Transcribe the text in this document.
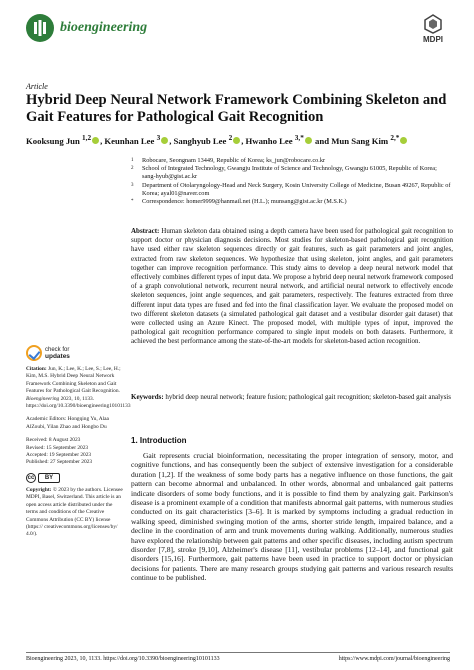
bioengineering
MDPI
Article
Hybrid Deep Neural Network Framework Combining Skeleton and Gait Features for Pathological Gait Recognition
Kooksung Jun $^{1,2}$ , Keunhan Lee $^3$ , Sanghyub Lee $^2$ , Hwanho Lee $^{3,*}$ and Mun Sang Kim $^{2,*}$
1 Robocare, Seongnam 13449, Republic of Korea; ks_jun@robocare.co.kr
2 School of Integrated Technology, Gwangju Institute of Science and Technology, Gwangju 61005, Republic of Korea; sang-hyub@gist.ac.kr
3 Department of Otolaryngology-Head and Neck Surgery, Kosin University College of Medicine, Busan 49267, Republic of Korea; ayal01@naver.com
* Correspondence: homer9999@hanmail.net (H.L.); munsang@gist.ac.kr (M.S.K.)
Abstract: Human skeleton data obtained using a depth camera have been used for pathological gait recognition to support doctor or physician diagnosis decisions. Most studies for skeleton-based pathological gait recognition have used either raw skeleton sequences directly or gait features, such as gait parameters and joint angles, extracted from raw skeleton sequences. We hypothesize that using skeleton, joint angles, and gait parameters together can improve recognition performance. This study aims to develop a deep neural network model that effectively combines different types of input data. We propose a hybrid deep neural network framework composed of a graph convolutional network, recurrent neural network, and artificial neural network to effectively encode skeleton sequences, joint angle sequences, and gait parameters, respectively. The features extracted from three different input data types are fused and fed into the final classification layer. We evaluate the proposed model on two different skeleton datasets (a simulated pathological gait dataset and a vestibular disorder gait dataset) that were collected using an Azure Kinect. The proposed model, with multiple types of input, improved the pathological gait recognition performance compared to single input models on both datasets. Furthermore, it achieved the best performance among the state-of-the-art models for skeleton-based action recognition.
Keywords: hybrid deep neural network; feature fusion; pathological gait recognition; skeleton-based gait analysis
check for
updates
Citation: Jun, K.; Lee, K.; Lee, S.; Lee, H.; Kim, M.S. Hybrid Deep Neural Network Framework Combining Skeleton and Gait Features for Pathological Gait Recognition. Bioengineering 2023, 10, 1133. https://doi.org/10.3390/bioengineering10101133
Academic Editors: Hongqing Yu, Alaa AlZoubi, Yilan Zhao and Hongbo Du
Received: 8 August 2023
Revised: 15 September 2023
Accepted: 19 September 2023
Published: 27 September 2023
cc	BY
Copyright: © 2023 by the authors. Licensee MDPI, Basel, Switzerland. This article is an open access article distributed under the terms and conditions of the Creative Commons Attribution (CC BY) license (https:// creativecommons.org/licenses/by/ 4.0/).
1. Introduction
Gait represents crucial bioinformation, necessitating the proper integration of sensory, motor, and cognitive functions, and has consequently been the subject of extensive investigation for a considerable duration [1,2]. If the weakness of some body parts has a negative influence on those functions, the gait pattern can become abnormal and unbalanced. In other words, abnormal and unbalanced gait patterns indicate disorders of some body functions, and it is possible to find them by analyzing gait. Parkinson's disease is a prominent example of a condition that manifests abnormal gait patterns, with numerous studies conducted on its gait characteristics [3–6]. It is marked by symptoms including a gradual reduction in walking speed, diminished swinging motion of the arms, shorter stride length, impaired balance, and a decline in the coordination of arm and trunk movements during walking. Additionally, numerous studies have explored the relationship between gait patterns and other specific diseases, including autism spectrum disorder [7,8], stroke [9,10], Alzheimer's disease [11], vestibular problems [12–14], and functional gait disorders [15,16]. Furthermore, gait patterns have been used in practice to support doctor or physician decisions for patients. There are many research groups studying gait patterns and various research results continue to be published.
Bioengineering 2023, 10, 1133. https://doi.org/10.3390/bioengineering10101133	https://www.mdpi.com/journal/bioengineering
